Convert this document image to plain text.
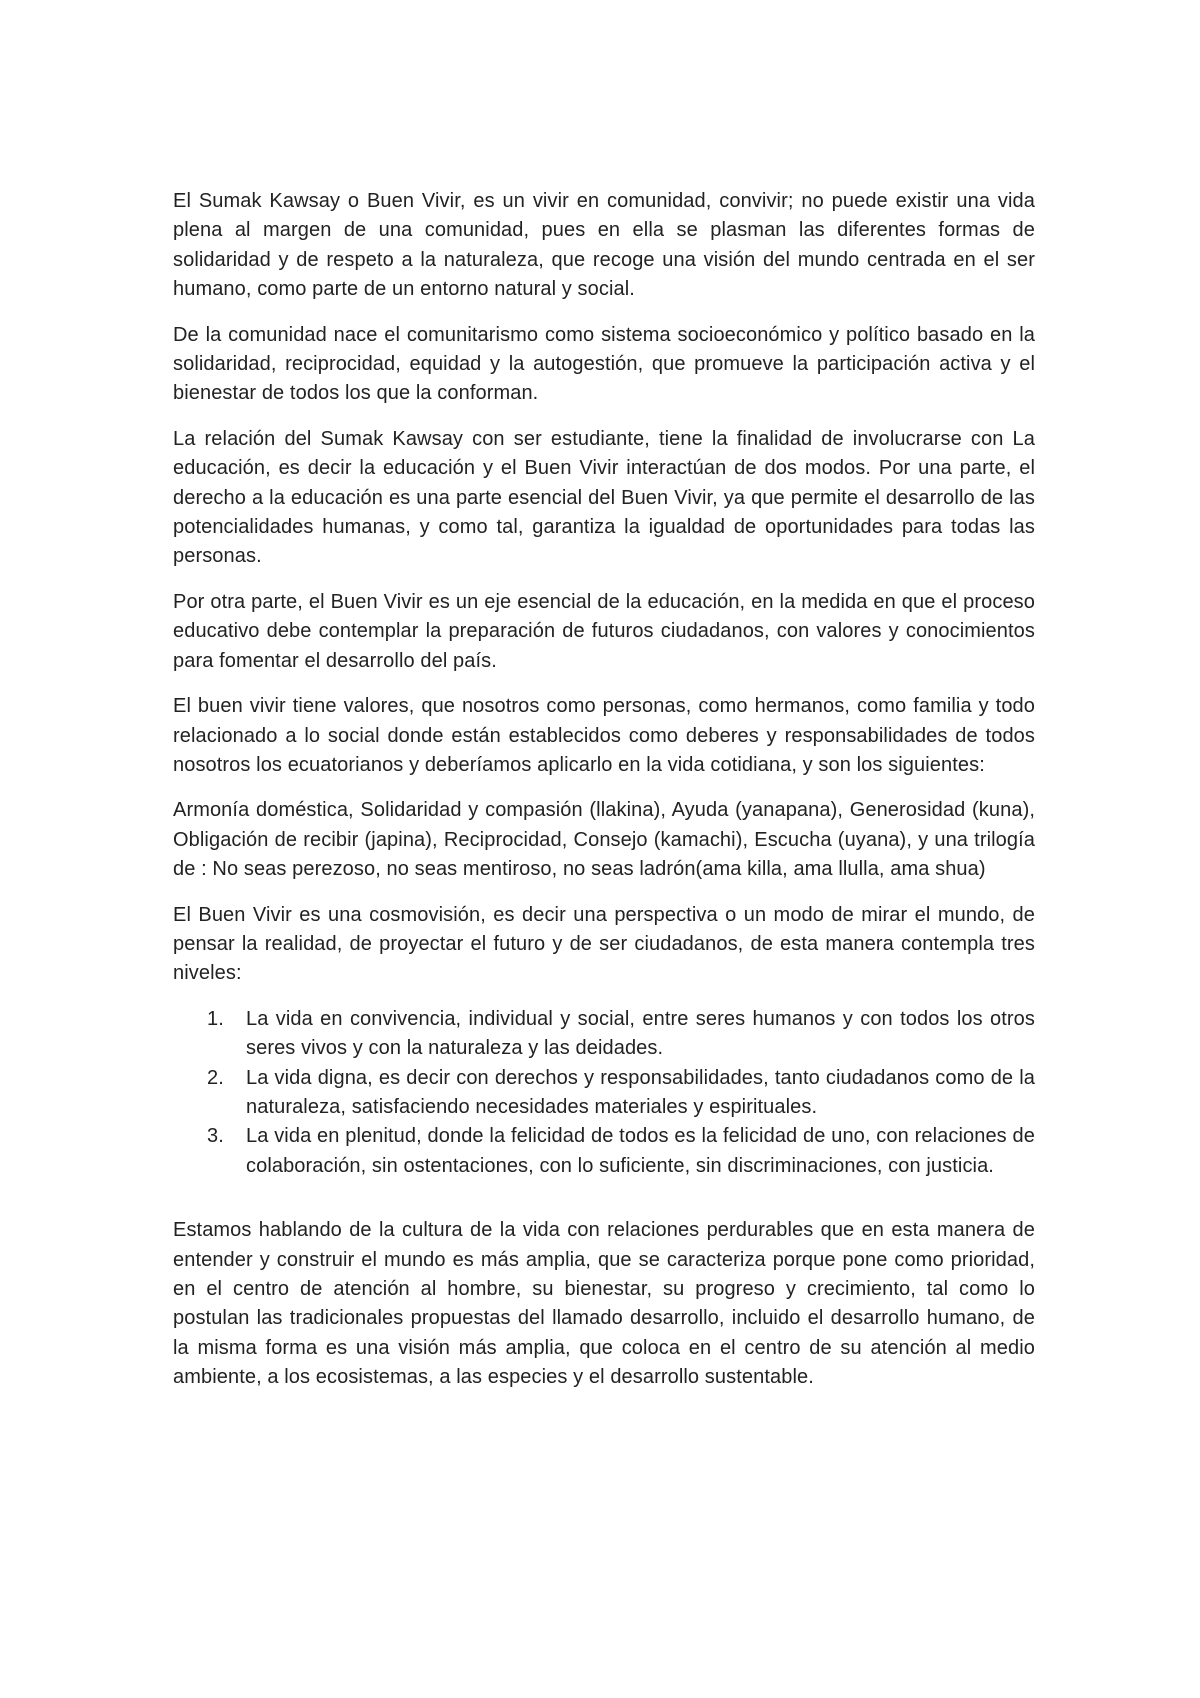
El Sumak Kawsay o Buen Vivir, es un vivir en comunidad, convivir; no puede existir una vida plena al margen de una comunidad, pues en ella se plasman las diferentes formas de solidaridad y de respeto a la naturaleza, que recoge una visión del mundo centrada en el ser humano, como parte de un entorno natural y social.

De la comunidad nace el comunitarismo como sistema socioeconómico y político basado en la solidaridad, reciprocidad, equidad y la autogestión, que promueve la participación activa y el bienestar de todos los que la conforman.

La relación del Sumak Kawsay con ser estudiante, tiene la finalidad de involucrarse con La educación, es decir la educación y el Buen Vivir interactúan de dos modos. Por una parte, el derecho a la educación es una parte esencial del Buen Vivir, ya que permite el desarrollo de las potencialidades humanas, y como tal, garantiza la igualdad de oportunidades para todas las personas.

Por otra parte, el Buen Vivir es un eje esencial de la educación, en la medida en que el proceso educativo debe contemplar la preparación de futuros ciudadanos, con valores y conocimientos para fomentar el desarrollo del país.

El buen vivir tiene valores, que nosotros como personas, como hermanos, como familia y todo relacionado a lo social donde están establecidos como deberes y responsabilidades de todos nosotros los ecuatorianos y deberíamos aplicarlo en la vida cotidiana, y son los siguientes:

Armonía doméstica, Solidaridad y compasión (llakina), Ayuda (yanapana), Generosidad (kuna), Obligación de recibir (japina), Reciprocidad, Consejo (kamachi), Escucha (uyana), y una trilogía de : No seas perezoso, no seas mentiroso, no seas ladrón(ama killa, ama llulla, ama shua)

El Buen Vivir es una cosmovisión, es decir una perspectiva o un modo de mirar el mundo, de pensar la realidad, de proyectar el futuro y de ser ciudadanos, de esta manera contempla tres niveles:

1. La vida en convivencia, individual y social, entre seres humanos y con todos los otros seres vivos y con la naturaleza y las deidades.
2. La vida digna, es decir con derechos y responsabilidades, tanto ciudadanos como de la naturaleza, satisfaciendo necesidades materiales y espirituales.
3. La vida en plenitud, donde la felicidad de todos es la felicidad de uno, con relaciones de colaboración, sin ostentaciones, con lo suficiente, sin discriminaciones, con justicia.

Estamos hablando de la cultura de la vida con relaciones perdurables que en esta manera de entender y construir el mundo es más amplia, que se caracteriza porque pone como prioridad, en el centro de atención al hombre, su bienestar, su progreso y crecimiento, tal como lo postulan las tradicionales propuestas del llamado desarrollo, incluido el desarrollo humano, de la misma forma es una visión más amplia, que coloca en el centro de su atención al medio ambiente, a los ecosistemas, a las especies y el desarrollo sustentable.
